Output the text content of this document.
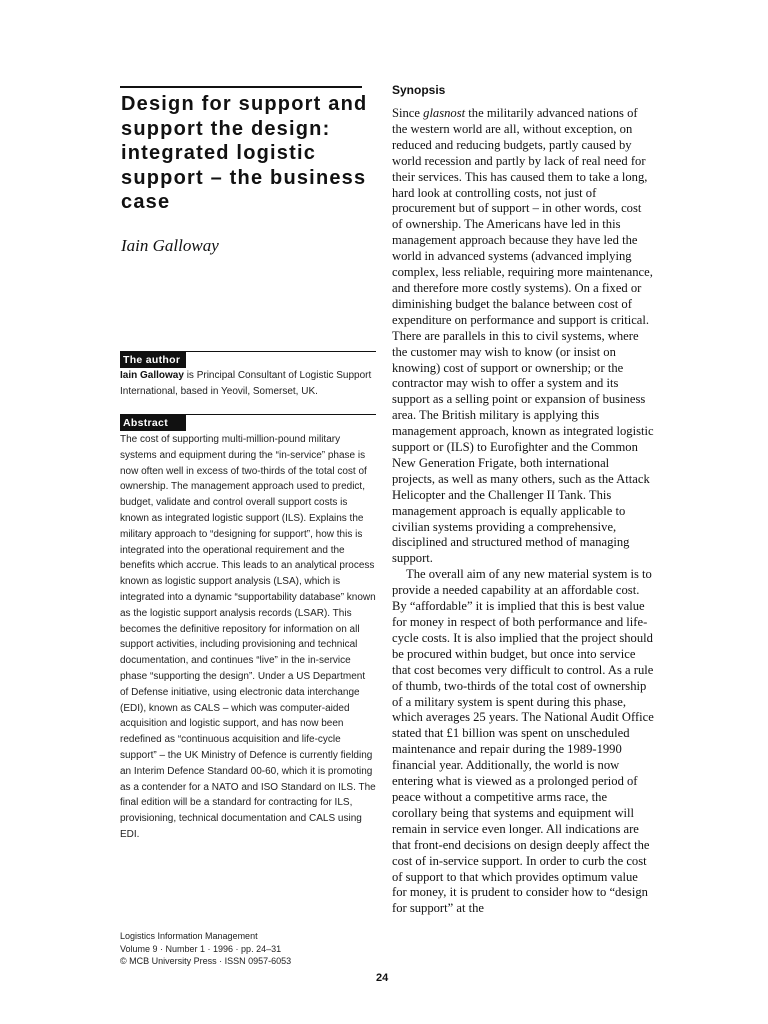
Design for support and support the design: integrated logistic support – the business case
Iain Galloway
The author
Iain Galloway is Principal Consultant of Logistic Support International, based in Yeovil, Somerset, UK.
Abstract
The cost of supporting multi-million-pound military systems and equipment during the “in-service” phase is now often well in excess of two-thirds of the total cost of ownership. The management approach used to predict, budget, validate and control overall support costs is known as integrated logistic support (ILS). Explains the military approach to “designing for support”, how this is integrated into the operational requirement and the benefits which accrue. This leads to an analytical process known as logistic support analysis (LSA), which is integrated into a dynamic “supportability database” known as the logistic support analysis records (LSAR). This becomes the definitive repository for information on all support activities, including provisioning and technical documentation, and continues “live” in the in-service phase “supporting the design”. Under a US Department of Defense initiative, using electronic data interchange (EDI), known as CALS – which was computer-aided acquisition and logistic support, and has now been redefined as “continuous acquisition and life-cycle support” – the UK Ministry of Defence is currently fielding an Interim Defence Standard 00-60, which it is promoting as a contender for a NATO and ISO Standard on ILS. The final edition will be a standard for contracting for ILS, provisioning, technical documentation and CALS using EDI.
Logistics Information Management
Volume 9 · Number 1 · 1996 · pp. 24–31
© MCB University Press · ISSN 0957-6053
Synopsis

Since glasnost the militarily advanced nations of the western world are all, without exception, on reduced and reducing budgets, partly caused by world recession and partly by lack of real need for their services. This has caused them to take a long, hard look at controlling costs, not just of procurement but of support – in other words, cost of ownership. The Americans have led in this management approach because they have led the world in advanced systems (advanced implying complex, less reliable, requiring more maintenance, and therefore more costly systems). On a fixed or diminishing budget the balance between cost of expenditure on performance and support is critical. There are parallels in this to civil systems, where the customer may wish to know (or insist on knowing) cost of support or ownership; or the contractor may wish to offer a system and its support as a selling point or expansion of business area. The British military is applying this management approach, known as integrated logistic support or (ILS) to Eurofighter and the Common New Generation Frigate, both international projects, as well as many others, such as the Attack Helicopter and the Challenger II Tank. This management approach is equally applicable to civilian systems providing a comprehensive, disciplined and structured method of managing support.

The overall aim of any new material system is to provide a needed capability at an affordable cost. By “affordable” it is implied that this is best value for money in respect of both performance and life-cycle costs. It is also implied that the project should be procured within budget, but once into service that cost becomes very difficult to control. As a rule of thumb, two-thirds of the total cost of ownership of a military system is spent during this phase, which averages 25 years. The National Audit Office stated that £1 billion was spent on unscheduled maintenance and repair during the 1989-1990 financial year. Additionally, the world is now entering what is viewed as a prolonged period of peace without a competitive arms race, the corollary being that systems and equipment will remain in service even longer. All indications are that front-end decisions on design deeply affect the cost of in-service support. In order to curb the cost of support to that which provides optimum value for money, it is prudent to consider how to “design for support” at the

24
